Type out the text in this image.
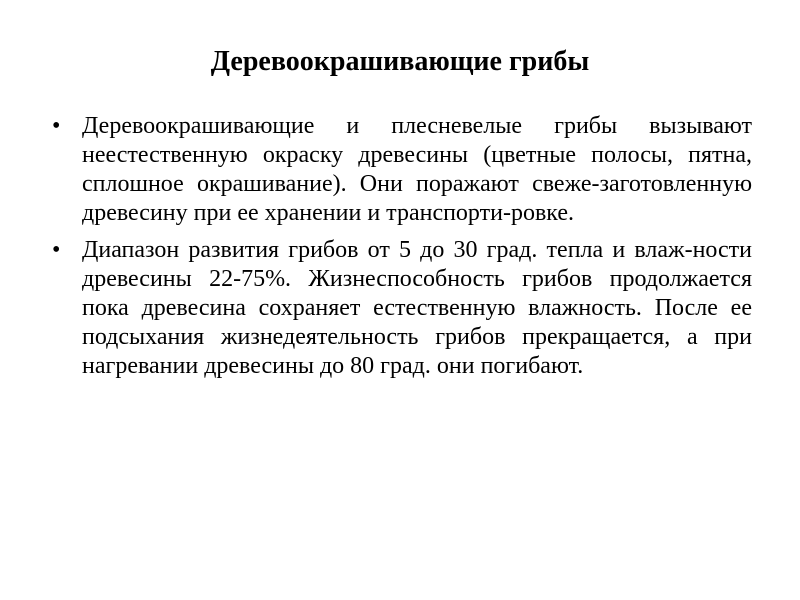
Деревоокрашивающие грибы
• Деревоокрашивающие и плесневелые грибы вызывают неестественную окраску древесины (цветные полосы, пятна, сплошное окрашивание). Они поражают свеже-заготовленную древесину при ее хранении и транспорти-ровке.
• Диапазон развития грибов от 5 до 30 град. тепла и влаж-ности древесины 22-75%. Жизнеспособность грибов продолжается пока древесина сохраняет естественную влажность. После ее подсыхания жизнедеятельность грибов прекращается, а при нагревании древесины до 80 град. они погибают.
